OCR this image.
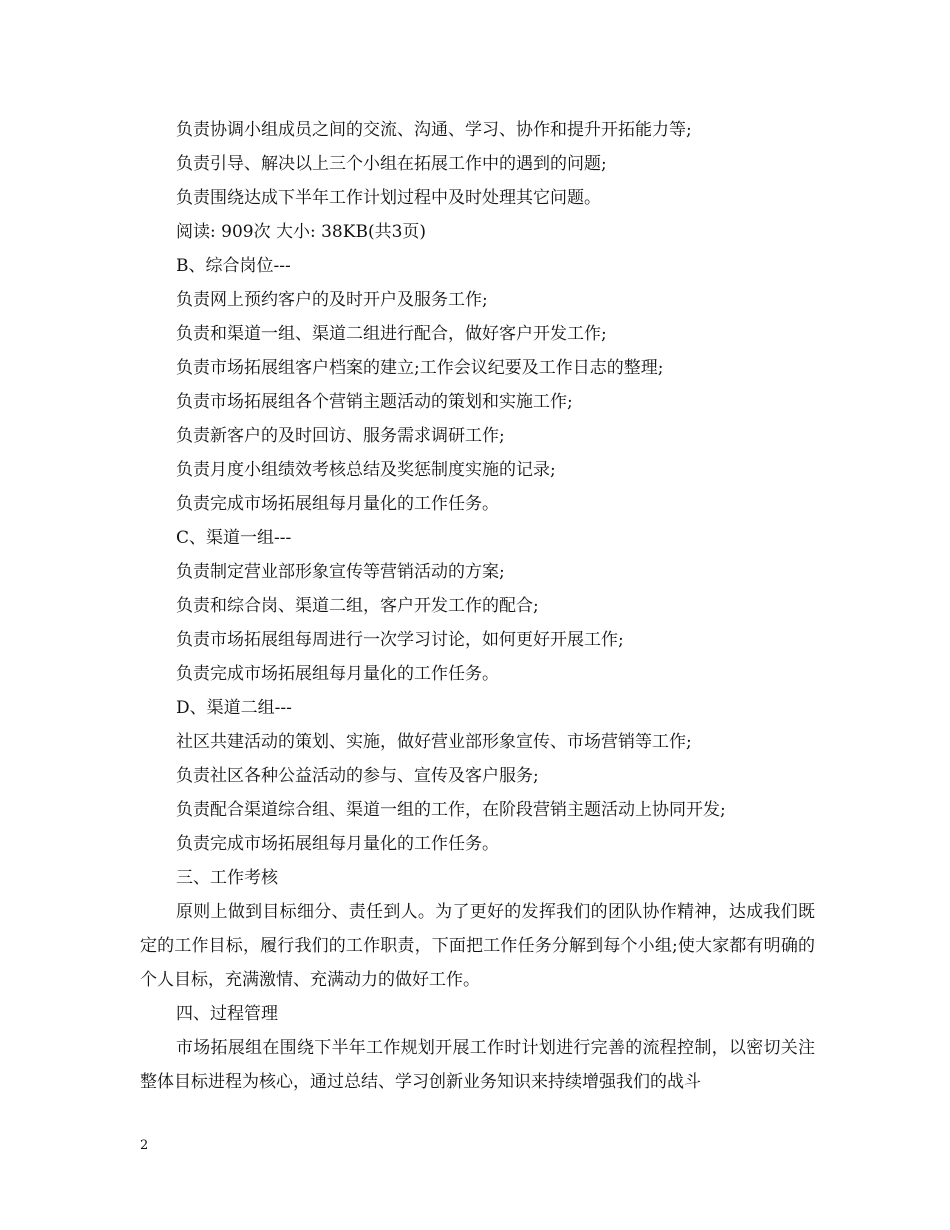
负责协调小组成员之间的交流、沟通、学习、协作和提升开拓能力等;
负责引导、解决以上三个小组在拓展工作中的遇到的问题;
负责围绕达成下半年工作计划过程中及时处理其它问题。
阅读: 909次 大小: 38KB(共3页)
B、综合岗位---
负责网上预约客户的及时开户及服务工作;
负责和渠道一组、渠道二组进行配合，做好客户开发工作;
负责市场拓展组客户档案的建立;工作会议纪要及工作日志的整理;
负责市场拓展组各个营销主题活动的策划和实施工作;
负责新客户的及时回访、服务需求调研工作;
负责月度小组绩效考核总结及奖惩制度实施的记录;
负责完成市场拓展组每月量化的工作任务。
C、渠道一组---
负责制定营业部形象宣传等营销活动的方案;
负责和综合岗、渠道二组，客户开发工作的配合;
负责市场拓展组每周进行一次学习讨论，如何更好开展工作;
负责完成市场拓展组每月量化的工作任务。
D、渠道二组---
社区共建活动的策划、实施，做好营业部形象宣传、市场营销等工作;
负责社区各种公益活动的参与、宣传及客户服务;
负责配合渠道综合组、渠道一组的工作，在阶段营销主题活动上协同开发;
负责完成市场拓展组每月量化的工作任务。
三、工作考核

原则上做到目标细分、责任到人。为了更好的发挥我们的团队协作精神，达成我们既定的工作目标，履行我们的工作职责，下面把工作任务分解到每个小组;使大家都有明确的个人目标，充满激情、充满动力的做好工作。

四、过程管理

市场拓展组在围绕下半年工作规划开展工作时计划进行完善的流程控制，以密切关注整体目标进程为核心，通过总结、学习创新业务知识来持续增强我们的战斗

2
